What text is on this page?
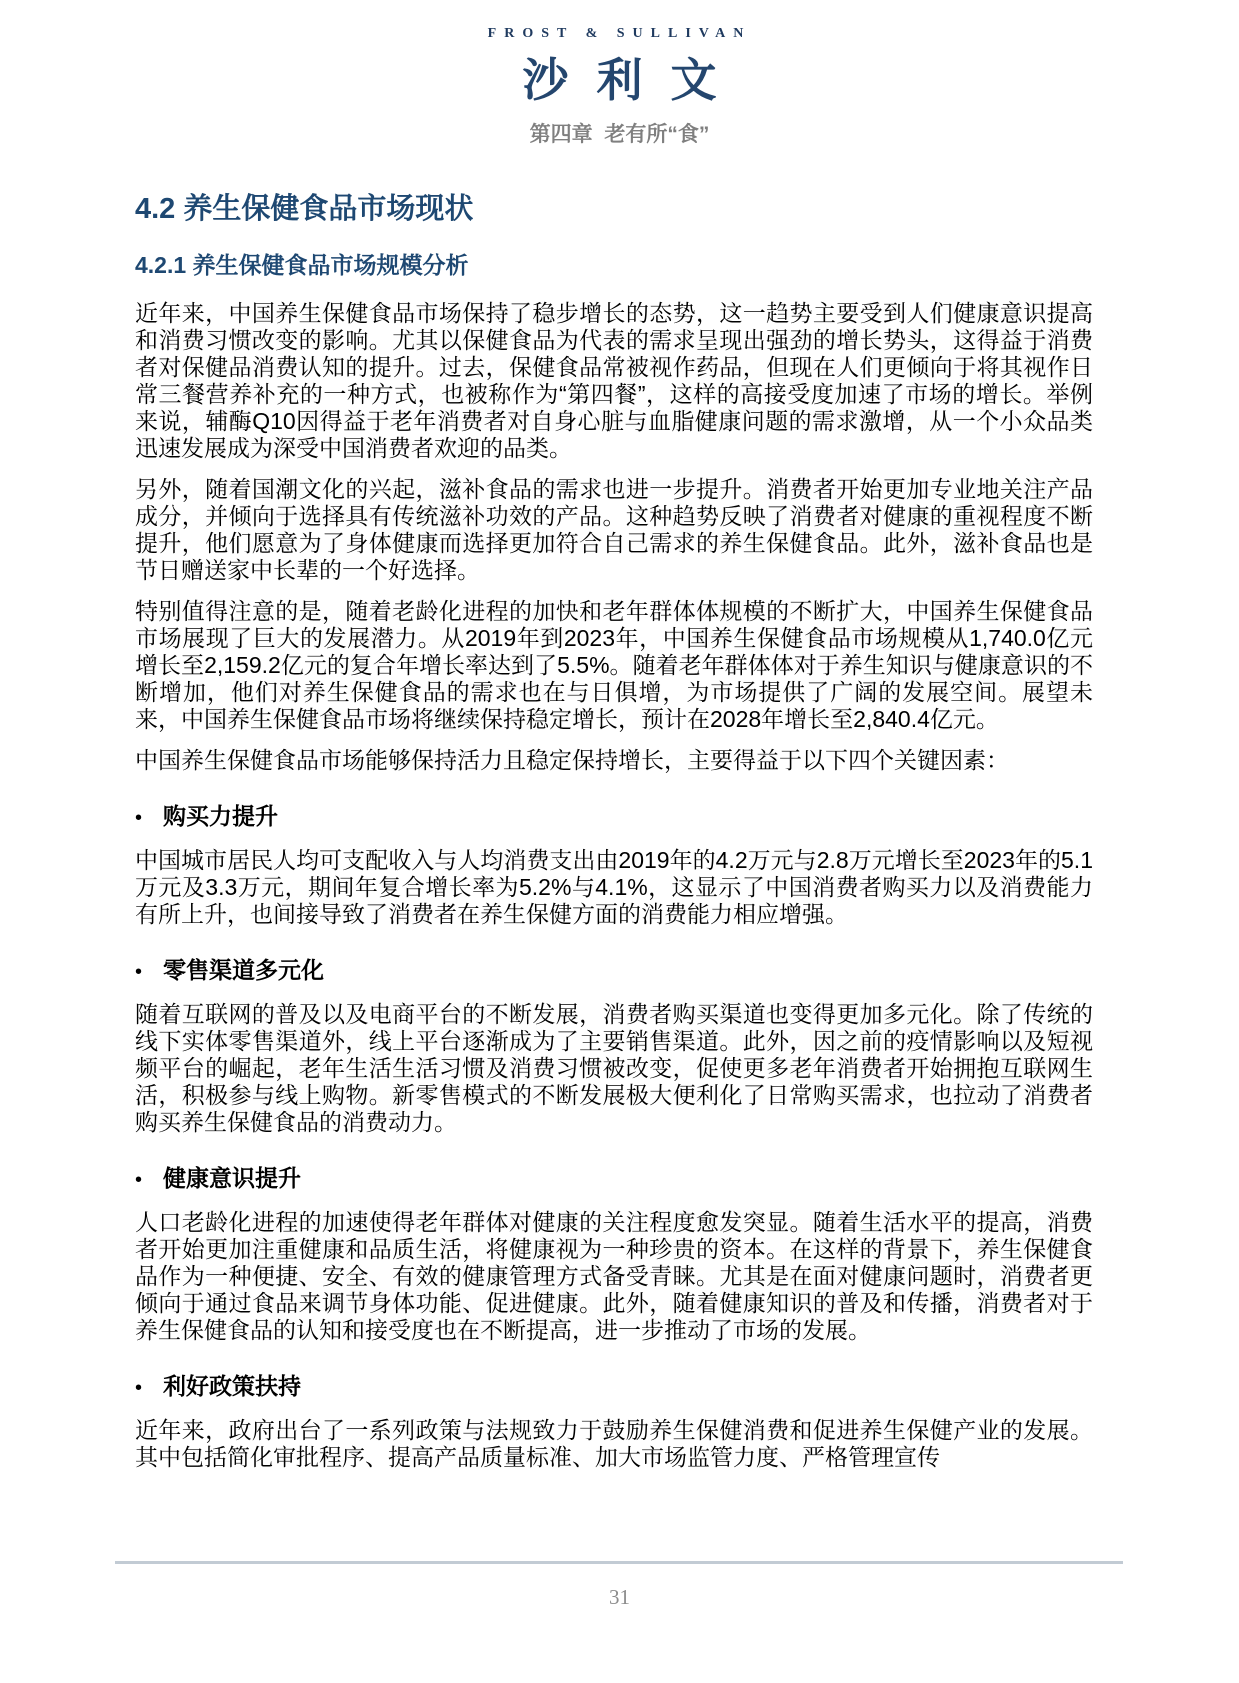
FROST & SULLIVAN
沙利文
第四章  老有所“食”
4.2 养生保健食品市场现状
4.2.1 养生保健食品市场规模分析

近年来，中国养生保健食品市场保持了稳步增长的态势，这一趋势主要受到人们健康意识提高和消费习惯改变的影响。尤其以保健食品为代表的需求呈现出强劲的增长势头，这得益于消费者对保健品消费认知的提升。过去，保健食品常被视作药品，但现在人们更倾向于将其视作日常三餐营养补充的一种方式，也被称作为“第四餐”，这样的高接受度加速了市场的增长。举例来说，辅酶Q10因得益于老年消费者对自身心脏与血脂健康问题的需求激增，从一个小众品类迅速发展成为深受中国消费者欢迎的品类。

另外，随着国潮文化的兴起，滋补食品的需求也进一步提升。消费者开始更加专业地关注产品成分，并倾向于选择具有传统滋补功效的产品。这种趋势反映了消费者对健康的重视程度不断提升，他们愿意为了身体健康而选择更加符合自己需求的养生保健食品。此外，滋补食品也是节日赠送家中长辈的一个好选择。

特别值得注意的是，随着老龄化进程的加快和老年群体体规模的不断扩大，中国养生保健食品市场展现了巨大的发展潜力。从2019年到2023年，中国养生保健食品市场规模从1,740.0亿元增长至2,159.2亿元的复合年增长率达到了5.5%。随着老年群体体对于养生知识与健康意识的不断增加，他们对养生保健食品的需求也在与日俱增，为市场提供了广阔的发展空间。展望未来，中国养生保健食品市场将继续保持稳定增长，预计在2028年增长至2,840.4亿元。

中国养生保健食品市场能够保持活力且稳定保持增长，主要得益于以下四个关键因素：

• 购买力提升

中国城市居民人均可支配收入与人均消费支出由2019年的4.2万元与2.8万元增长至2023年的5.1万元及3.3万元，期间年复合增长率为5.2%与4.1%，这显示了中国消费者购买力以及消费能力有所上升，也间接导致了消费者在养生保健方面的消费能力相应增强。

• 零售渠道多元化

随着互联网的普及以及电商平台的不断发展，消费者购买渠道也变得更加多元化。除了传统的线下实体零售渠道外，线上平台逐渐成为了主要销售渠道。此外，因之前的疫情影响以及短视频平台的崛起，老年生活生活习惯及消费习惯被改变，促使更多老年消费者开始拥抱互联网生活，积极参与线上购物。新零售模式的不断发展极大便利化了日常购买需求，也拉动了消费者购买养生保健食品的消费动力。

• 健康意识提升

人口老龄化进程的加速使得老年群体对健康的关注程度愈发突显。随着生活水平的提高，消费者开始更加注重健康和品质生活，将健康视为一种珍贵的资本。在这样的背景下，养生保健食品作为一种便捷、安全、有效的健康管理方式备受青睐。尤其是在面对健康问题时，消费者更倾向于通过食品来调节身体功能、促进健康。此外，随着健康知识的普及和传播，消费者对于养生保健食品的认知和接受度也在不断提高，进一步推动了市场的发展。

• 利好政策扶持

近年来，政府出台了一系列政策与法规致力于鼓励养生保健消费和促进养生保健产业的发展。其中包括简化审批程序、提高产品质量标准、加大市场监管力度、严格管理宣传

31
